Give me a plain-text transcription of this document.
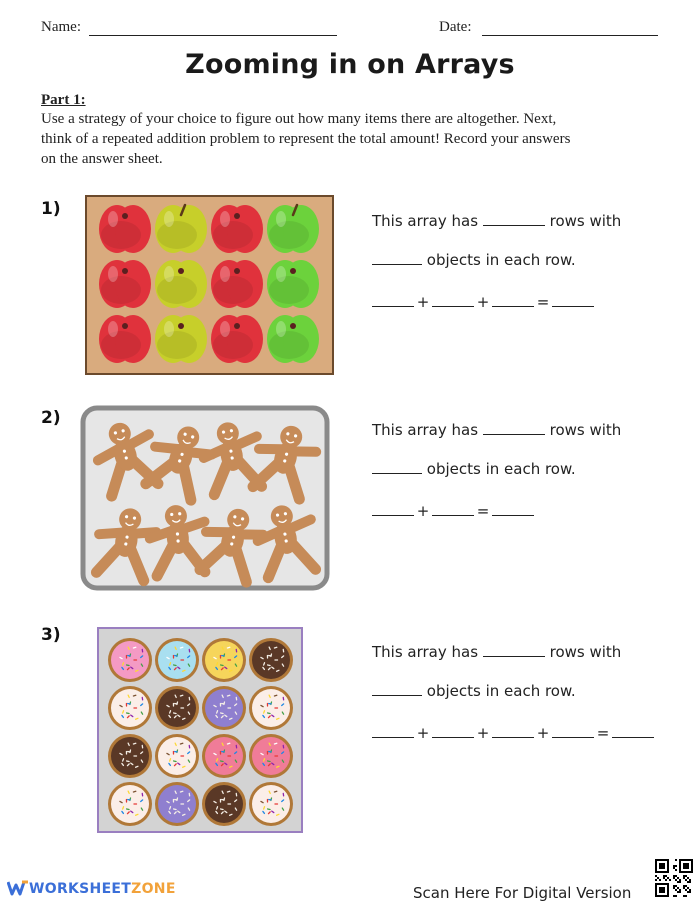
Name:	Date:
Zooming in on Arrays
Part 1:
Use a strategy of your choice to figure out how many items there are altogether. Next, think of a repeated addition problem to represent the total amount! Record your answers on the answer sheet.
1)
This array has	rows with
objects in each row.
+	+	=
2)
This array has	rows with
objects in each row.
+	=
3)
This array has	rows with
objects in each row.
+	+	+	=
WORKSHEETZONE	Scan Here For Digital Version
